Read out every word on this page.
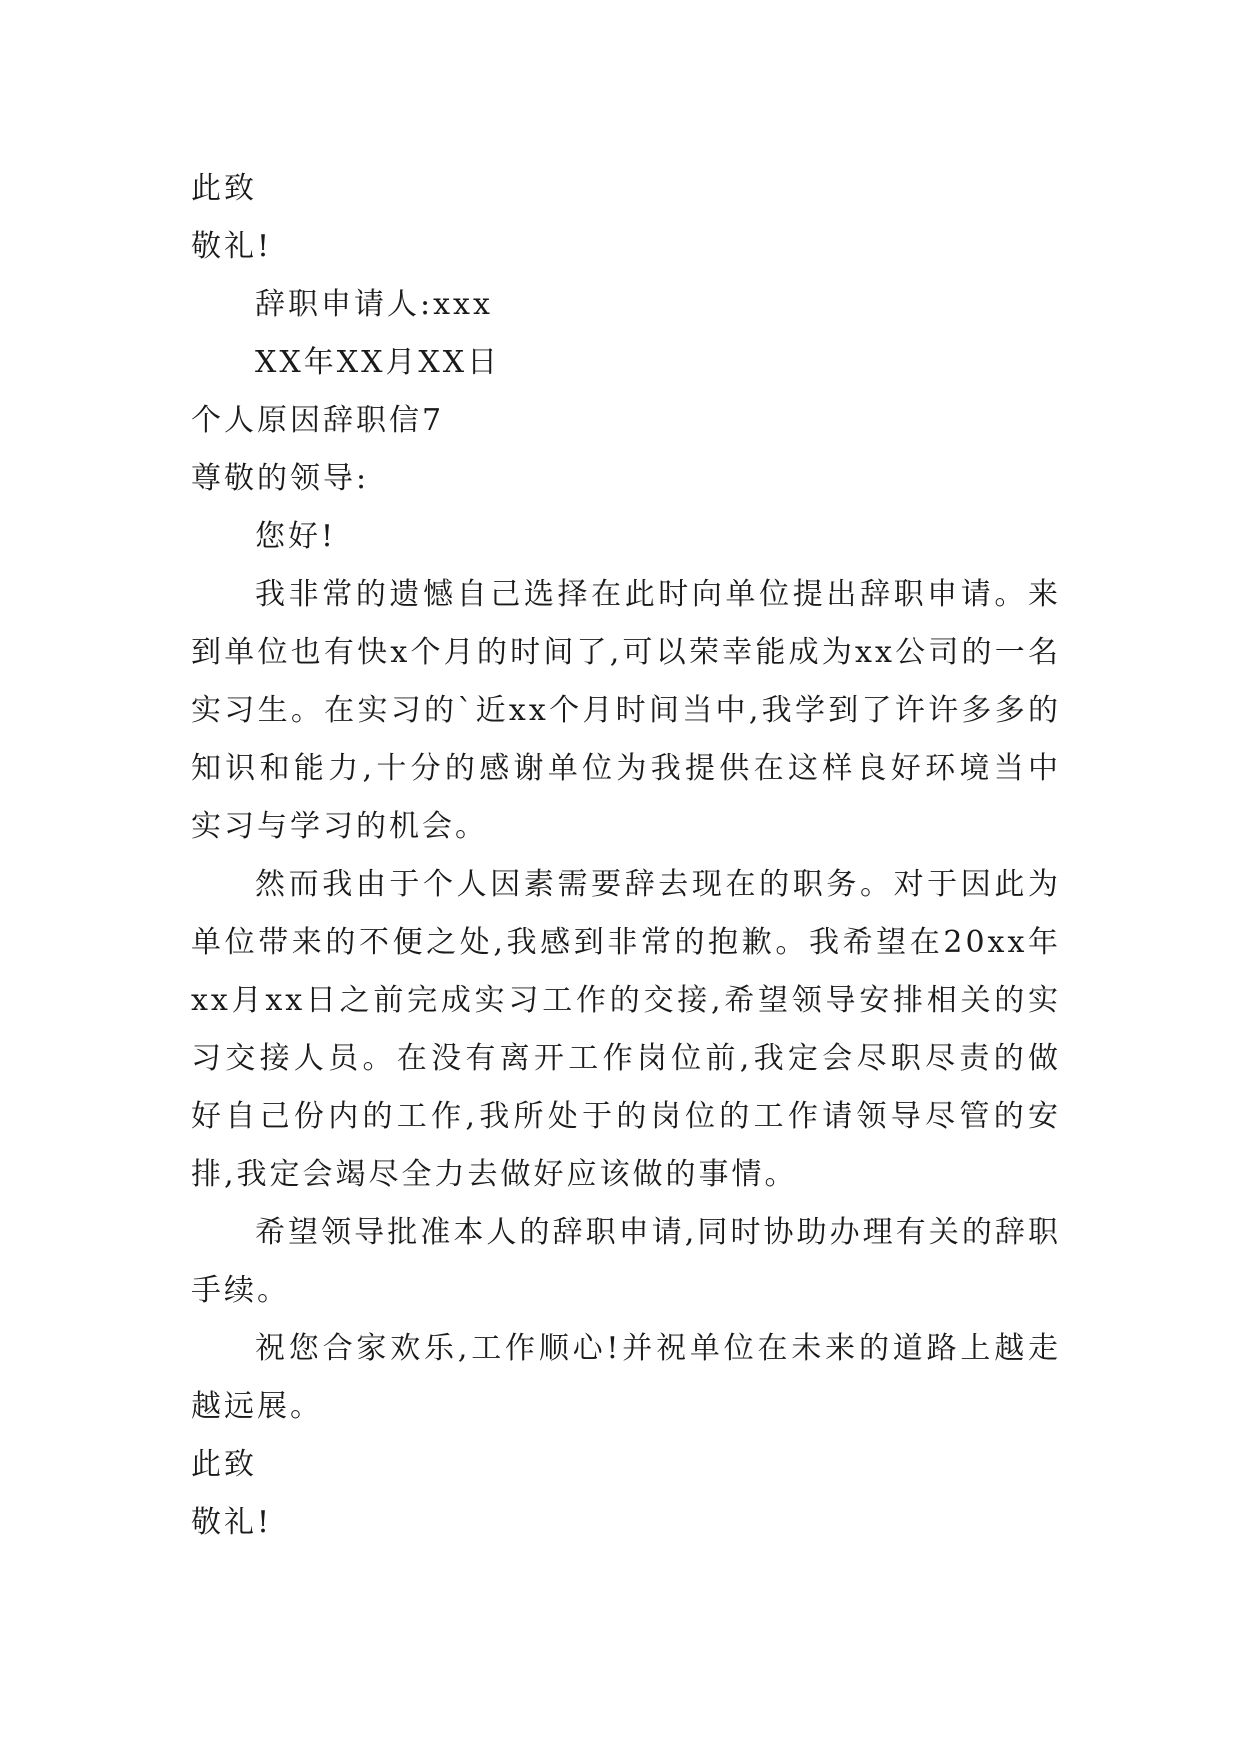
此致

敬礼!

辞职申请人:xxx

XX年XX月XX日

个人原因辞职信7

尊敬的领导:

您好!

我非常的遗憾自己选择在此时向单位提出辞职申请。来到单位也有快x个月的时间了,可以荣幸能成为xx公司的一名实习生。在实习的`近xx个月时间当中,我学到了许许多多的知识和能力,十分的感谢单位为我提供在这样良好环境当中实习与学习的机会。

然而我由于个人因素需要辞去现在的职务。对于因此为单位带来的不便之处,我感到非常的抱歉。我希望在20xx年xx月xx日之前完成实习工作的交接,希望领导安排相关的实习交接人员。在没有离开工作岗位前,我定会尽职尽责的做好自己份内的工作,我所处于的岗位的工作请领导尽管的安排,我定会竭尽全力去做好应该做的事情。

希望领导批准本人的辞职申请,同时协助办理有关的辞职手续。

祝您合家欢乐,工作顺心!并祝单位在未来的道路上越走越远展。

此致

敬礼!
